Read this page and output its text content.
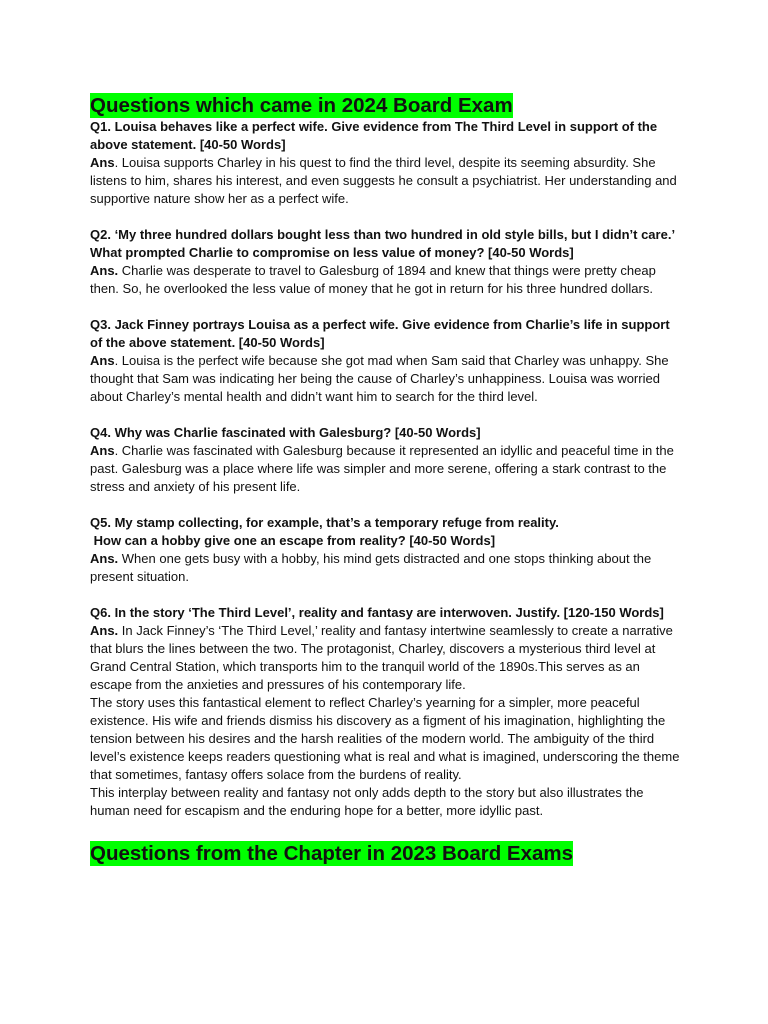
Questions which came in 2024 Board Exam

Q1. Louisa behaves like a perfect wife. Give evidence from The Third Level in support of the above statement. [40-50 Words]

Ans. Louisa supports Charley in his quest to find the third level, despite its seeming absurdity. She listens to him, shares his interest, and even suggests he consult a psychiatrist. Her understanding and supportive nature show her as a perfect wife.

Q2. ‘My three hundred dollars bought less than two hundred in old style bills, but I didn’t care.’

What prompted Charlie to compromise on less value of money? [40-50 Words]

Ans. Charlie was desperate to travel to Galesburg of 1894 and knew that things were pretty cheap then. So, he overlooked the less value of money that he got in return for his three hundred dollars.

Q3. Jack Finney portrays Louisa as a perfect wife. Give evidence from Charlie’s life in support of the above statement. [40-50 Words]

Ans. Louisa is the perfect wife because she got mad when Sam said that Charley was unhappy. She thought that Sam was indicating her being the cause of Charley’s unhappiness. Louisa was worried about Charley’s mental health and didn’t want him to search for the third level.

Q4. Why was Charlie fascinated with Galesburg? [40-50 Words]

Ans. Charlie was fascinated with Galesburg because it represented an idyllic and peaceful time in the past. Galesburg was a place where life was simpler and more serene, offering a stark contrast to the stress and anxiety of his present life.

Q5. My stamp collecting, for example, that’s a temporary refuge from reality.

How can a hobby give one an escape from reality? [40-50 Words]

Ans. When one gets busy with a hobby, his mind gets distracted and one stops thinking about the present situation.

Q6. In the story ‘The Third Level’, reality and fantasy are interwoven. Justify. [120-150 Words]

Ans. In Jack Finney’s ‘The Third Level,’ reality and fantasy intertwine seamlessly to create a narrative that blurs the lines between the two. The protagonist, Charley, discovers a mysterious third level at Grand Central Station, which transports him to the tranquil world of the 1890s.This serves as an escape from the anxieties and pressures of his contemporary life.

The story uses this fantastical element to reflect Charley’s yearning for a simpler, more peaceful existence. His wife and friends dismiss his discovery as a figment of his imagination, highlighting the tension between his desires and the harsh realities of the modern world. The ambiguity of the third level’s existence keeps readers questioning what is real and what is imagined, underscoring the theme that sometimes, fantasy offers solace from the burdens of reality.

This interplay between reality and fantasy not only adds depth to the story but also illustrates the human need for escapism and the enduring hope for a better, more idyllic past.

Questions from the Chapter in 2023 Board Exams
